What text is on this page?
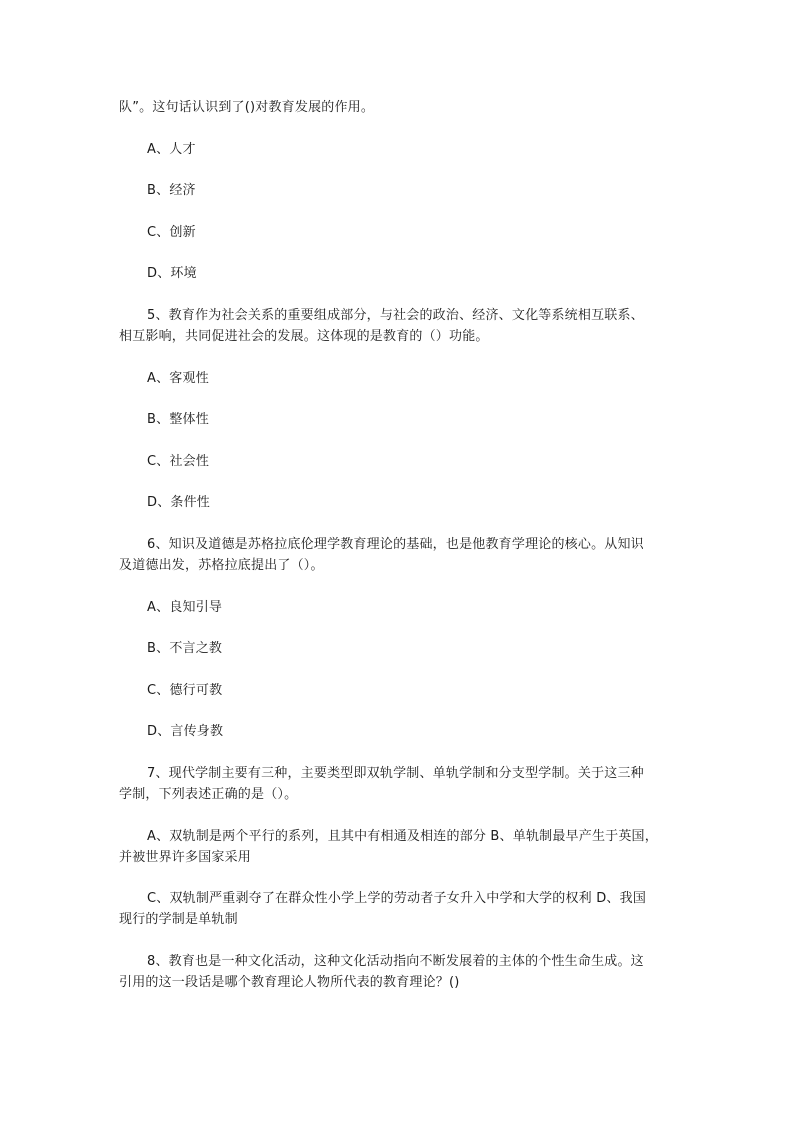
队”。这句话认识到了()对教育发展的作用。
A、人才
B、经济
C、创新
D、环境
5、教育作为社会关系的重要组成部分，与社会的政治、经济、文化等系统相互联系、
相互影响，共同促进社会的发展。这体现的是教育的（）功能。
A、客观性
B、整体性
C、社会性
D、条件性
6、知识及道德是苏格拉底伦理学教育理论的基础，也是他教育学理论的核心。从知识
及道德出发，苏格拉底提出了（）。
A、良知引导
B、不言之教
C、德行可教
D、言传身教
7、现代学制主要有三种，主要类型即双轨学制、单轨学制和分支型学制。关于这三种
学制，下列表述正确的是（）。
A、双轨制是两个平行的系列，且其中有相通及相连的部分 B、单轨制最早产生于英国，
并被世界许多国家采用
C、双轨制严重剥夺了在群众性小学上学的劳动者子女升入中学和大学的权利 D、我国
现行的学制是单轨制
8、教育也是一种文化活动，这种文化活动指向不断发展着的主体的个性生命生成。这
引用的这一段话是哪个教育理论人物所代表的教育理论？()
